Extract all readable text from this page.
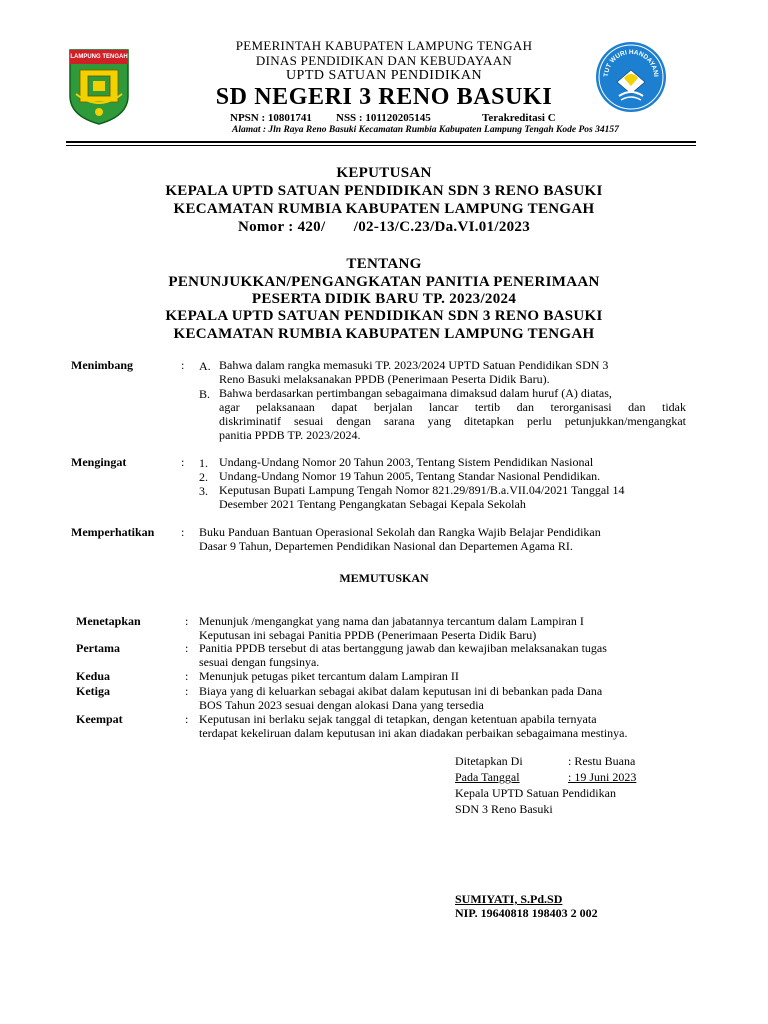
LAMPUNG TENGAH
TUT WURI HANDAYANI
PEMERINTAH KABUPATEN LAMPUNG TENGAH
DINAS PENDIDIKAN DAN KEBUDAYAAN
UPTD SATUAN PENDIDIKAN
SD NEGERI 3 RENO BASUKI
NPSN : 10801741 NSS : 101120205145	Terakreditasi C
Alamat : Jln Raya Reno Basuki Kecamatan Rumbia Kabupaten Lampung Tengah Kode Pos 34157
KEPUTUSAN
KEPALA UPTD SATUAN PENDIDIKAN SDN 3 RENO BASUKI
KECAMATAN RUMBIA KABUPATEN LAMPUNG TENGAH
Nomor : 420/       /02-13/C.23/Da.VI.01/2023
TENTANG
PENUNJUKKAN/PENGANGKATAN PANITIA PENERIMAAN
PESERTA DIDIK BARU TP. 2023/2024
KEPALA UPTD SATUAN PENDIDIKAN SDN 3 RENO BASUKI
KECAMATAN RUMBIA KABUPATEN LAMPUNG TENGAH
Menimbang	: A. Bahwa dalam rangka memasuki TP. 2023/2024 UPTD Satuan Pendidikan SDN 3
Reno Basuki melaksanakan PPDB (Penerimaan Peserta Didik Baru).
B. Bahwa berdasarkan pertimbangan sebagaimana dimaksud dalam huruf (A) diatas,
agar pelaksanaan dapat berjalan lancar tertib dan terorganisasi dan tidak
diskriminatif sesuai dengan sarana yang ditetapkan perlu petunjukkan/mengangkat
panitia PPDB TP. 2023/2024.
Mengingat	: 1. Undang-Undang Nomor 20 Tahun 2003, Tentang Sistem Pendidikan Nasional
2. Undang-Undang Nomor 19 Tahun 2005, Tentang Standar Nasional Pendidikan.
3. Keputusan Bupati Lampung Tengah Nomor 821.29/891/B.a.VII.04/2021 Tanggal 14
Desember 2021 Tentang Pengangkatan Sebagai Kepala Sekolah
Memperhatikan : Buku Panduan Bantuan Operasional Sekolah dan Rangka Wajib Belajar Pendidikan
Dasar 9 Tahun, Departemen Pendidikan Nasional dan Departemen Agama RI.
MEMUTUSKAN
Menetapkan	: Menunjuk /mengangkat yang nama dan jabatannya tercantum dalam Lampiran I
Keputusan ini sebagai Panitia PPDB (Penerimaan Peserta Didik Baru)
Pertama	: Panitia PPDB tersebut di atas bertanggung jawab dan kewajiban melaksanakan tugas
sesuai dengan fungsinya.
Kedua	: Menunjuk petugas piket tercantum dalam Lampiran II
Ketiga	: Biaya yang di keluarkan sebagai akibat dalam keputusan ini di bebankan pada Dana
BOS Tahun 2023 sesuai dengan alokasi Dana yang tersedia
Keempat	: Keputusan ini berlaku sejak tanggal di tetapkan, dengan ketentuan apabila ternyata
terdapat kekeliruan dalam keputusan ini akan diadakan perbaikan sebagaimana mestinya.
Ditetapkan Di	: Restu Buana
Pada Tanggal	: 19 Juni 2023
Kepala UPTD Satuan Pendidikan
SDN 3 Reno Basuki
SUMIYATI, S.Pd.SD
NIP. 19640818 198403 2 002
